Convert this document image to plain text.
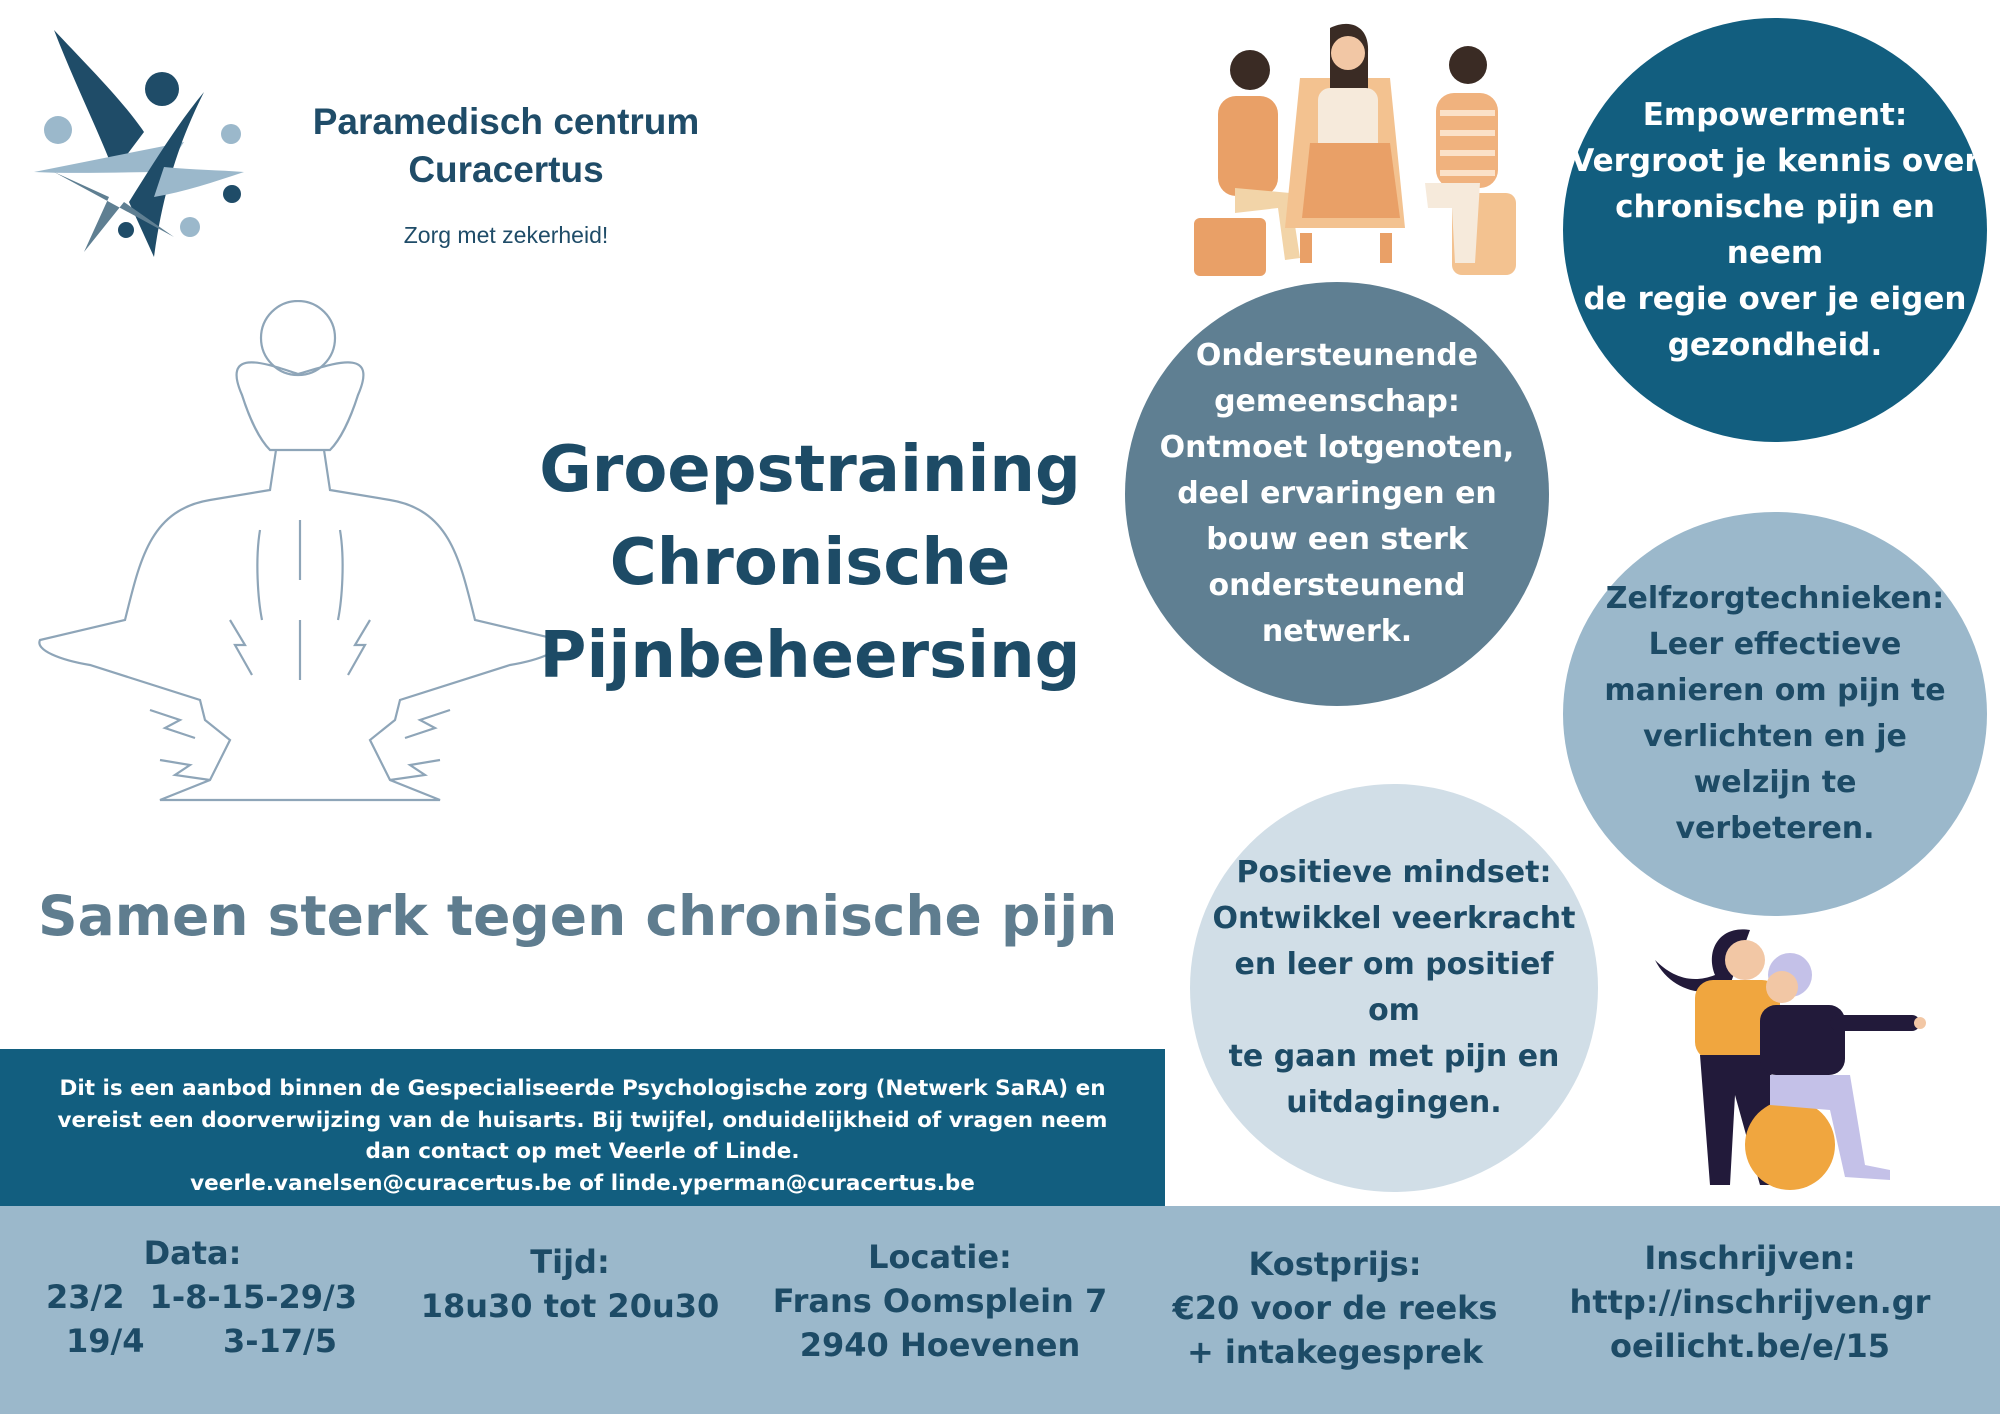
Paramedisch centrum
Curacertus
Zorg met zekerheid!
Groepstraining
Chronische
Pijnbeheersing
Samen sterk tegen chronische pijn
Empowerment:
Vergroot je kennis over
chronische pijn en neem
de regie over je eigen
gezondheid.
Ondersteunende
gemeenschap:
Ontmoet lotgenoten,
deel ervaringen en
bouw een sterk
ondersteunend
netwerk.
Zelfzorgtechnieken:
Leer effectieve
manieren om pijn te
verlichten en je
welzijn te
verbeteren.
Positieve mindset:
Ontwikkel veerkracht
en leer om positief om
te gaan met pijn en
uitdagingen.
Dit is een aanbod binnen de Gespecialiseerde Psychologische zorg (Netwerk SaRA) en
vereist een doorverwijzing van de huisarts. Bij twijfel, onduidelijkheid of vragen neem
dan contact op met Veerle of Linde.
veerle.vanelsen@curacertus.be of linde.yperman@curacertus.be
Data:
23/2 1-8-15-29/3
19/4 3-17/5
Tijd:
18u30 tot 20u30
Locatie:
Frans Oomsplein 7
2940 Hoevenen
Kostprijs:
€20 voor de reeks
+ intakegesprek
Inschrijven:
http://inschrijven.gr
oeilicht.be/e/15
